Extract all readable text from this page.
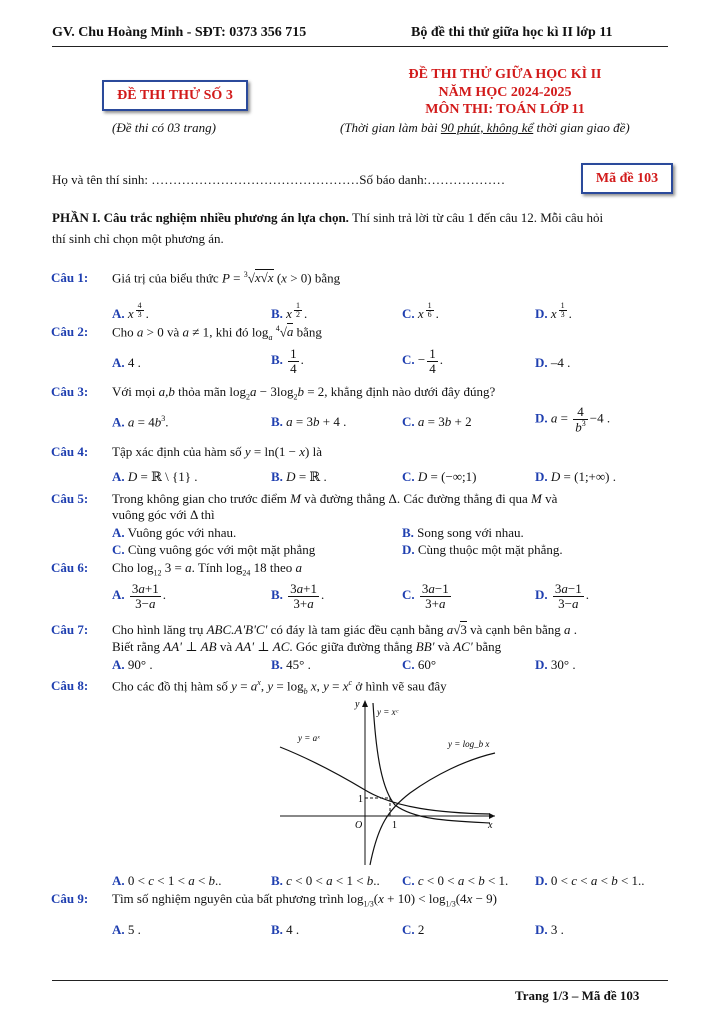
GV. Chu Hoàng Minh - SĐT: 0373 356 715	Bộ đề thi thử giữa học kì II lớp 11
ĐỀ THI THỬ SỐ 3
(Đề thi có 03 trang)
ĐỀ THI THỬ GIỮA HỌC KÌ II
NĂM HỌC 2024-2025
MÔN THI: TOÁN LỚP 11
(Thời gian làm bài 90 phút, không kể thời gian giao đề)
Họ và tên thí sinh: …………………………………………Số báo danh:………………	Mã đề 103
PHẦN I. Câu trắc nghiệm nhiều phương án lựa chọn. Thí sinh trả lời từ câu 1 đến câu 12. Mỗi câu hỏi
thí sinh chỉ chọn một phương án.
Câu 1: Giá trị của biểu thức P = $^3$√x√x (x > 0) bằng
A. x $^{\frac{4}{3}}$ .	B. x $^{\frac{1}{2}}$ .	C. x $^{\frac{1}{6}}$ .	D. x $^{\frac{1}{3}}$ .
Câu 2: Cho a > 0 và a ≠ 1, khi đó $\log_a ^4√a$ bằng
A. 4 .	B. $\frac{1}{4}$ .	C. − $\frac{1}{4}$ .	D. –4 .
Câu 3: Với mọi a,b thỏa mãn $\log_2a - 3\log_2b = 2$, khẳng định nào dưới đây đúng?
A. $a = 4b^3$.	B. a = 3b + 4 .	C. a = 3b + 2	D. $a = \frac{4}{b^3} -4$ .
Câu 4: Tập xác định của hàm số y = ln(1 − x) là
A. D = ℝ \ {1} .	B. D = ℝ .	C. D = (−∞;1)	D. D = (1;+∞) .
Câu 5: Trong không gian cho trước điểm M và đường thẳng Δ. Các đường thẳng đi qua M và
vuông góc với Δ thì
A. Vuông góc với nhau.	B. Song song với nhau.
C. Cùng vuông góc với một mặt phẳng	D. Cùng thuộc một mặt phẳng.
Câu 6: Cho $\log_{12} 3 = a$. Tính $\log_{24} 18$ theo a
A. $\frac{3a+1}{3-a}$ .	B. $\frac{3a+1}{3+a}$ .	C. $\frac{3a-1}{3+a}$	D. $\frac{3a-1}{3-a}$ .
Câu 7: Cho hình lăng trụ ABC.A'B'C' có đáy là tam giác đều cạnh bằng a√3 và cạnh bên bằng a .
Biết rằng AA' ⊥ AB và AA' ⊥ AC. Góc giữa đường thẳng BB' và AC' bằng
A. 90° .	B. 45° .	C. 60°	D. 30° .
Câu 8: Cho các đồ thị hàm số $y = a^x$, $y = \log_b x$, $y = x^c$ ở hình vẽ sau đây
y = aˣ
y = xᶜ
y = log_b x
y
x
O	1
1
A. 0 < c < 1 < a < b..	B. c < 0 < a < 1 < b.. C. c < 0 < a < b < 1. D. 0 < c < a < b < 1..
Câu 9: Tìm số nghiệm nguyên của bất phương trình $\log_{1/3}(x + 10) < \log_{1/3}(4x - 9)$
A. 5 .	B. 4 .	C. 2	D. 3 .
Trang 1/3 – Mã đề 103
